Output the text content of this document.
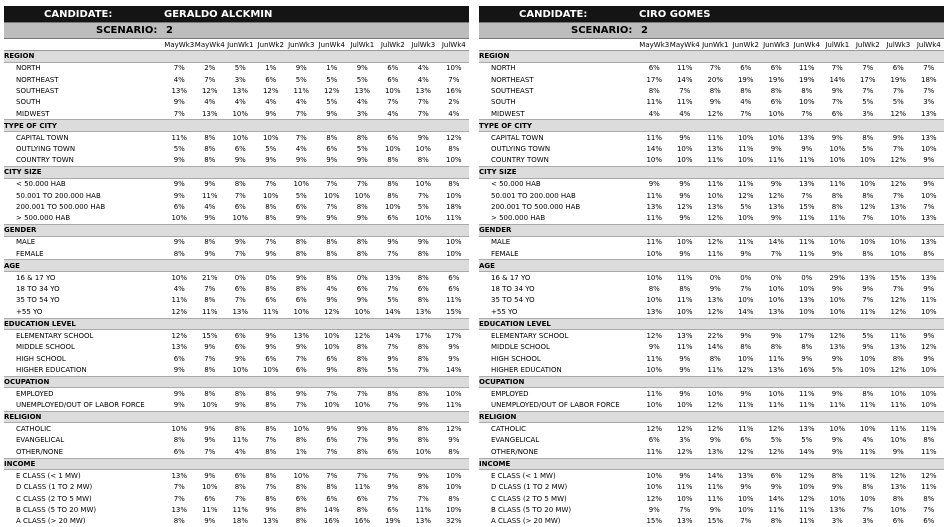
CANDIDATE:	GERALDO ALCKMIN									
SCENARIO:	2									
	MayWk3	MayWk4	JunWk1	JunWk2	JunWk3	JunWk4	JulWk1	JulWk2	JulWk3	JulWk4
REGION										
NORTH	7%	2%	5%	1%	9%	1%	9%	6%	4%	10%
NORTHEAST	4%	7%	3%	6%	5%	5%	5%	6%	4%	7%
SOUTHEAST	13%	12%	13%	12%	11%	12%	13%	10%	13%	16%
SOUTH	9%	4%	4%	4%	4%	5%	4%	7%	7%	2%
MIDWEST	7%	13%	10%	9%	7%	9%	3%	4%	7%	4%
TYPE OF CITY										
CAPITAL TOWN	11%	8%	10%	10%	7%	8%	8%	6%	9%	12%
OUTLYING TOWN	5%	8%	6%	5%	4%	6%	5%	10%	10%	8%
COUNTRY TOWN	9%	8%	9%	9%	9%	9%	9%	8%	8%	10%
CITY SIZE										
< 50.000 HAB	9%	9%	8%	7%	10%	7%	7%	8%	10%	8%
50.001 TO 200.000 HAB	9%	11%	7%	10%	5%	10%	10%	8%	7%	10%
200.001 TO 500.000 HAB	6%	4%	6%	8%	6%	7%	8%	10%	5%	18%
> 500.000 HAB	10%	9%	10%	8%	9%	9%	9%	6%	10%	11%
GENDER										
MALE	9%	8%	9%	7%	8%	8%	8%	9%	9%	10%
FEMALE	8%	9%	7%	9%	8%	8%	8%	7%	8%	10%
AGE										
16 & 17 YO	10%	21%	0%	0%	9%	8%	0%	13%	8%	6%
18 TO 34 YO	4%	7%	6%	8%	8%	4%	6%	7%	6%	6%
35 TO 54 YO	11%	8%	7%	6%	6%	9%	9%	5%	8%	11%
+55 YO	12%	11%	13%	11%	10%	12%	10%	14%	13%	15%
EDUCATION LEVEL										
ELEMENTARY SCHOOL	12%	15%	6%	9%	13%	10%	12%	14%	17%	17%
MIDDLE SCHOOL	13%	9%	6%	9%	9%	10%	8%	7%	8%	9%
HIGH SCHOOL	6%	7%	9%	6%	7%	6%	8%	9%	8%	9%
HIGHER EDUCATION	9%	8%	10%	10%	6%	9%	8%	5%	7%	14%
OCUPATION										
EMPLOYED	9%	8%	8%	8%	9%	7%	7%	8%	8%	10%
UNEMPLOYED/OUT OF LABOR FORCE	9%	10%	9%	8%	7%	10%	10%	7%	9%	11%
RELIGION										
CATHOLIC	10%	9%	8%	8%	10%	9%	9%	8%	8%	12%
EVANGELICAL	8%	9%	11%	7%	8%	6%	7%	9%	8%	9%
OTHER/NONE	6%	7%	4%	8%	1%	7%	8%	6%	10%	8%
INCOME										
E CLASS (< 1 MW)	13%	9%	6%	8%	10%	7%	7%	7%	9%	10%
D CLASS (1 TO 2 MW)	7%	10%	8%	7%	8%	8%	11%	9%	8%	10%
C CLASS (2 TO 5 MW)	7%	6%	7%	8%	6%	6%	6%	7%	7%	8%
B CLASS (5 TO 20 MW)	13%	11%	11%	9%	8%	14%	8%	6%	11%	10%
A CLASS (> 20 MW)	8%	9%	18%	13%	8%	16%	16%	19%	13%	32%
CANDIDATE:	CIRO GOMES									
SCENARIO:	2									
	MayWk3	MayWk4	JunWk1	JunWk2	JunWk3	JunWk4	JulWk1	JulWk2	JulWk3	JulWk4
REGION										
NORTH	6%	11%	7%	6%	6%	11%	7%	7%	6%	7%
NORTHEAST	17%	14%	20%	19%	19%	19%	14%	17%	19%	18%
SOUTHEAST	8%	7%	8%	8%	8%	8%	9%	7%	7%	7%
SOUTH	11%	11%	9%	4%	6%	10%	7%	5%	5%	3%
MIDWEST	4%	4%	12%	7%	10%	7%	6%	3%	12%	13%
TYPE OF CITY										
CAPITAL TOWN	11%	9%	11%	10%	10%	13%	9%	8%	9%	13%
OUTLYING TOWN	14%	10%	13%	11%	9%	9%	10%	5%	7%	10%
COUNTRY TOWN	10%	10%	11%	10%	11%	11%	10%	10%	12%	9%
CITY SIZE										
< 50.000 HAB	9%	9%	11%	11%	9%	13%	11%	10%	12%	9%
50.001 TO 200.000 HAB	11%	9%	10%	12%	12%	7%	8%	8%	7%	10%
200.001 TO 500.000 HAB	13%	12%	13%	5%	13%	15%	8%	12%	13%	7%
> 500.000 HAB	11%	9%	12%	10%	9%	11%	11%	7%	10%	13%
GENDER										
MALE	11%	10%	12%	11%	14%	11%	10%	10%	10%	13%
FEMALE	10%	9%	11%	9%	7%	11%	9%	8%	10%	8%
AGE										
16 & 17 YO	10%	11%	0%	0%	0%	0%	29%	13%	15%	13%
18 TO 34 YO	8%	8%	9%	7%	10%	10%	9%	9%	7%	9%
35 TO 54 YO	10%	11%	13%	10%	10%	13%	10%	7%	12%	11%
+55 YO	13%	10%	12%	14%	13%	10%	10%	11%	12%	10%
EDUCATION LEVEL										
ELEMENTARY SCHOOL	12%	13%	22%	9%	9%	17%	12%	5%	11%	9%
MIDDLE SCHOOL	9%	11%	14%	8%	8%	8%	13%	9%	13%	12%
HIGH SCHOOL	11%	9%	8%	10%	11%	9%	9%	10%	8%	9%
HIGHER EDUCATION	10%	9%	11%	12%	13%	16%	5%	10%	12%	10%
OCUPATION										
EMPLOYED	11%	9%	10%	9%	10%	11%	9%	8%	10%	10%
UNEMPLOYED/OUT OF LABOR FORCE	10%	10%	12%	11%	11%	11%	11%	11%	11%	10%
RELIGION										
CATHOLIC	12%	12%	12%	11%	12%	13%	10%	10%	11%	11%
EVANGELICAL	6%	3%	9%	6%	5%	5%	9%	4%	10%	8%
OTHER/NONE	11%	12%	13%	12%	12%	14%	9%	11%	9%	11%
INCOME										
E CLASS (< 1 MW)	10%	9%	14%	13%	6%	12%	8%	11%	12%	12%
D CLASS (1 TO 2 MW)	10%	11%	11%	9%	9%	10%	9%	8%	13%	11%
C CLASS (2 TO 5 MW)	12%	10%	11%	10%	14%	12%	10%	10%	8%	8%
B CLASS (5 TO 20 MW)	9%	7%	9%	10%	11%	11%	13%	7%	10%	7%
A CLASS (> 20 MW)	15%	13%	15%	7%	8%	11%	3%	3%	6%	6%
